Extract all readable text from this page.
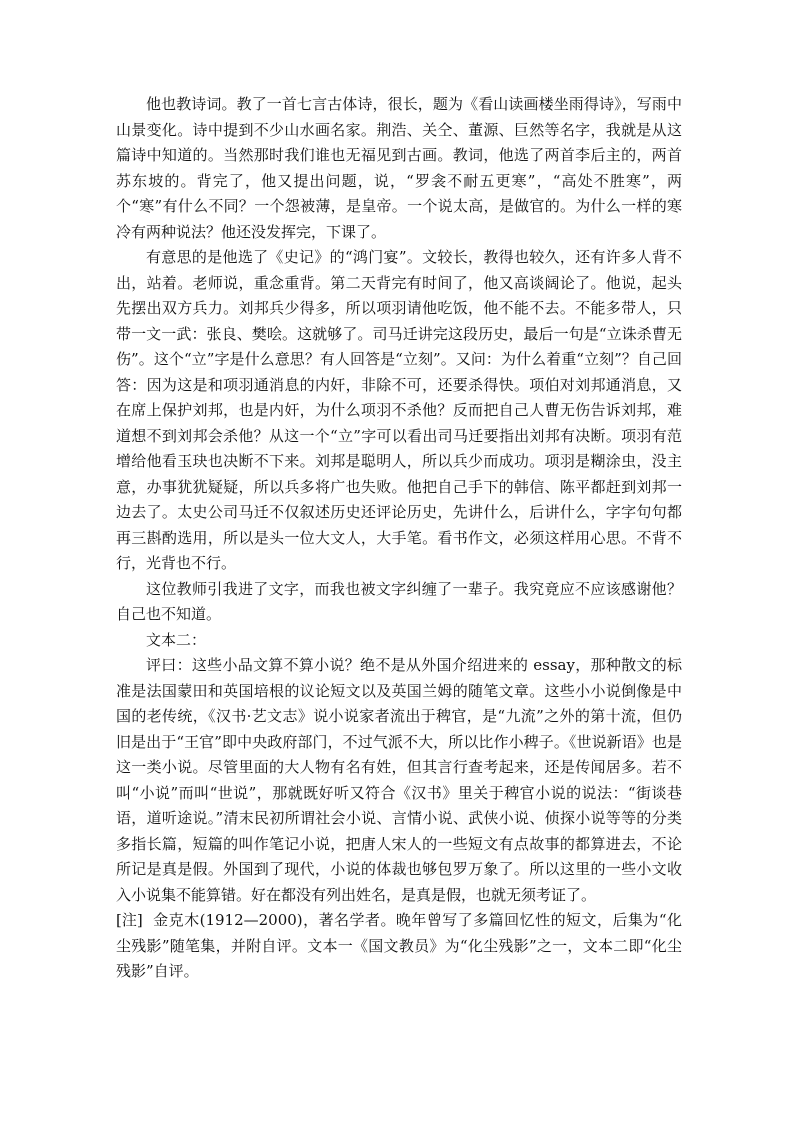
他也教诗词。教了一首七言古体诗，很长，题为《看山读画楼坐雨得诗》，写雨中山景变化。诗中提到不少山水画名家。荆浩、关仝、董源、巨然等名字，我就是从这篇诗中知道的。当然那时我们谁也无福见到古画。教词，他选了两首李后主的，两首苏东坡的。背完了，他又提出问题，说，“罗衾不耐五更寒”，“高处不胜寒”，两个“寒”有什么不同？一个怨被薄，是皇帝。一个说太高，是做官的。为什么一样的寒冷有两种说法？他还没发挥完，下课了。

有意思的是他选了《史记》的“鸿门宴”。文较长，教得也较久，还有许多人背不出，站着。老师说，重念重背。第二天背完有时间了，他又高谈阔论了。他说，起头先摆出双方兵力。刘邦兵少得多，所以项羽请他吃饭，他不能不去。不能多带人，只带一文一武：张良、樊哙。这就够了。司马迁讲完这段历史，最后一句是“立诛杀曹无伤”。这个“立”字是什么意思？有人回答是“立刻”。又问：为什么着重“立刻”？自己回答：因为这是和项羽通消息的内奸，非除不可，还要杀得快。项伯对刘邦通消息，又在席上保护刘邦，也是内奸，为什么项羽不杀他？反而把自己人曹无伤告诉刘邦，难道想不到刘邦会杀他？从这一个“立”字可以看出司马迁要指出刘邦有决断。项羽有范增给他看玉玦也决断不下来。刘邦是聪明人，所以兵少而成功。项羽是糊涂虫，没主意，办事犹犹疑疑，所以兵多将广也失败。他把自己手下的韩信、陈平都赶到刘邦一边去了。太史公司马迁不仅叙述历史还评论历史，先讲什么，后讲什么，字字句句都再三斟酌选用，所以是头一位大文人，大手笔。看书作文，必须这样用心思。不背不行，光背也不行。

这位教师引我进了文字，而我也被文字纠缠了一辈子。我究竟应不应该感谢他？自己也不知道。

文本二：

评曰：这些小品文算不算小说？绝不是从外国介绍进来的 essay，那种散文的标准是法国蒙田和英国培根的议论短文以及英国兰姆的随笔文章。这些小小说倒像是中国的老传统，《汉书·艺文志》说小说家者流出于稗官，是“九流”之外的第十流，但仍旧是出于“王官”即中央政府部门，不过气派不大，所以比作小稗子。《世说新语》也是这一类小说。尽管里面的大人物有名有姓，但其言行查考起来，还是传闻居多。若不叫“小说”而叫“世说”，那就既好听又符合《汉书》里关于稗官小说的说法：“街谈巷语，道听途说。”清末民初所谓社会小说、言情小说、武侠小说、侦探小说等等的分类多指长篇，短篇的叫作笔记小说，把唐人宋人的一些短文有点故事的都算进去，不论所记是真是假。外国到了现代，小说的体裁也够包罗万象了。所以这里的一些小文收入小说集不能算错。好在都没有列出姓名，是真是假，也就无须考证了。

[注] 金克木(1912—2000)，著名学者。晚年曾写了多篇回忆性的短文，后集为“化尘残影”随笔集，并附自评。文本一《国文教员》为“化尘残影”之一，文本二即“化尘残影”自评。
